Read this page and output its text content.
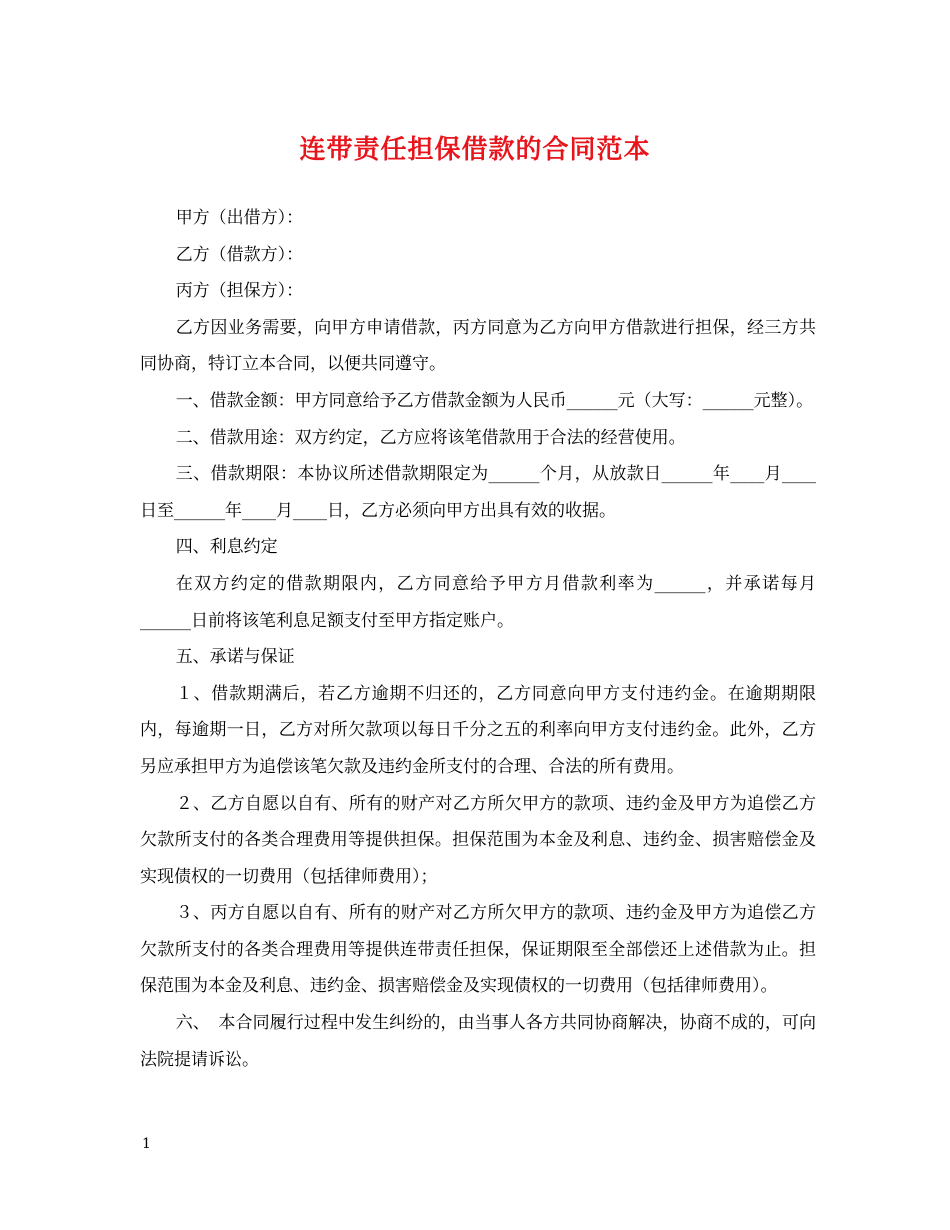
连带责任担保借款的合同范本

甲方（出借方）：

乙方（借款方）：

丙方（担保方）：

乙方因业务需要，向甲方申请借款，丙方同意为乙方向甲方借款进行担保，经三方共同协商，特订立本合同，以便共同遵守。

一、借款金额：甲方同意给予乙方借款金额为人民币______元（大写：______元整）。

二、借款用途：双方约定，乙方应将该笔借款用于合法的经营使用。

三、借款期限：本协议所述借款期限定为______个月，从放款日______年____月____日至______年____月____日，乙方必须向甲方出具有效的收据。

四、利息约定

在双方约定的借款期限内，乙方同意给予甲方月借款利率为______，并承诺每月______日前将该笔利息足额支付至甲方指定账户。

五、承诺与保证

１、借款期满后，若乙方逾期不归还的，乙方同意向甲方支付违约金。在逾期期限内，每逾期一日，乙方对所欠款项以每日千分之五的利率向甲方支付违约金。此外，乙方另应承担甲方为追偿该笔欠款及违约金所支付的合理、合法的所有费用。

２、乙方自愿以自有、所有的财产对乙方所欠甲方的款项、违约金及甲方为追偿乙方欠款所支付的各类合理费用等提供担保。担保范围为本金及利息、违约金、损害赔偿金及实现债权的一切费用（包括律师费用）；

３、丙方自愿以自有、所有的财产对乙方所欠甲方的款项、违约金及甲方为追偿乙方欠款所支付的各类合理费用等提供连带责任担保，保证期限至全部偿还上述借款为止。担保范围为本金及利息、违约金、损害赔偿金及实现债权的一切费用（包括律师费用）。

六、　本合同履行过程中发生纠纷的，由当事人各方共同协商解决，协商不成的，可向法院提请诉讼。

1
